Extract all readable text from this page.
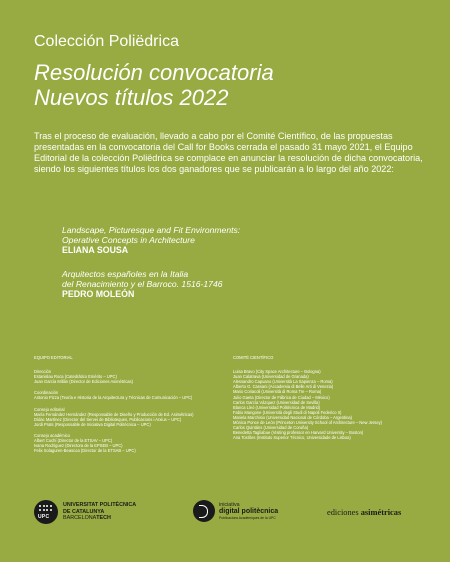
Colección Poliëdrica
Resolución convocatoria
Nuevos títulos 2022
Tras el proceso de evaluación, llevado a cabo por el Comité Científico, de las propuestas presentadas en la convocatoria del Call for Books cerrada el pasado 31 mayo 2021, el Equipo Editorial de la colección Poliëdrica se complace en anunciar la resolución de dicha convocatoria, siendo los siguientes títulos los dos ganadores que se publicarán a lo largo del año 2022:
Landscape, Picturesque and Fit Environments:
Operative Concepts in Architecture
ELIANA SOUSA
Arquitectos españoles en la Italia
del Renacimiento y el Barroco. 1516-1746
PEDRO MOLEÓN
EQUIPO EDITORIAL
Dirección
Estanislau Roca (Catedrático Emérito – UPC)
Juan García Millán (Director de Ediciones Asimétricas)
Coordinación
Antonio Pizza (Teoría e Historia de la Arquitectura y Técnicas de Comunicación – UPC)
Consejo editorial
María Fernández Hernández (Responsable de Diseño y Producción de Ed. Asimétricas)
Dídac Martínez (Director del Servei de Biblioteques, Publicacions i Arxius – UPC)
Jordi Prats (Responsable de Iniciativa Digital Politècnica – UPC)
Consejo académico
Albert Cuchí (Director de la ETSAV – UPC)
Ivana Rodríguez (Directora de la EPSEB – UPC)
Felix Solaguren-Beascoa (Director de la ETSAB – UPC)
COMITÉ CIENTÍFICO
Luisa Bravo (City Space Architecture – Bologna)
Juan Calatrava (Universidad de Granada)
Alessandro Capuano (Università La Sapienza – Roma)
Alberto G. Cassani (Accademia di Belle Arti di Venezia)
Mario Coriacoli (Università di Roma Tre – Roma)
Julio Gaeta (Director de Fábrica de Ciudad – México)
Carlos García Vázquez (Universidad de Sevilla)
Blanca Lleó (Universidad Politécnica de Madrid)
Fabio Mangone (Università degli Studi di Napoli Federico II)
Mariela Marchisio (Universidad Nacional de Córdoba – Argentina)
Mónica Ponce de León (Princeton University School of Architecture – New Jersey)
Carlos Quintáns (Universidad de Coruña)
Benedetta Tagliabue (Visiting professor en Harvard University – Boston)
Ana Tostões (Instituto Superior Técnico, Universidade de Lisboa)
UPC
UNIVERSITAT POLITÈCNICA
DE CATALUNYA
BARCELONATECH
iniciativa
digital politècnica
Publicacions Acadèmiques de la UPC
ediciones asimétricas
